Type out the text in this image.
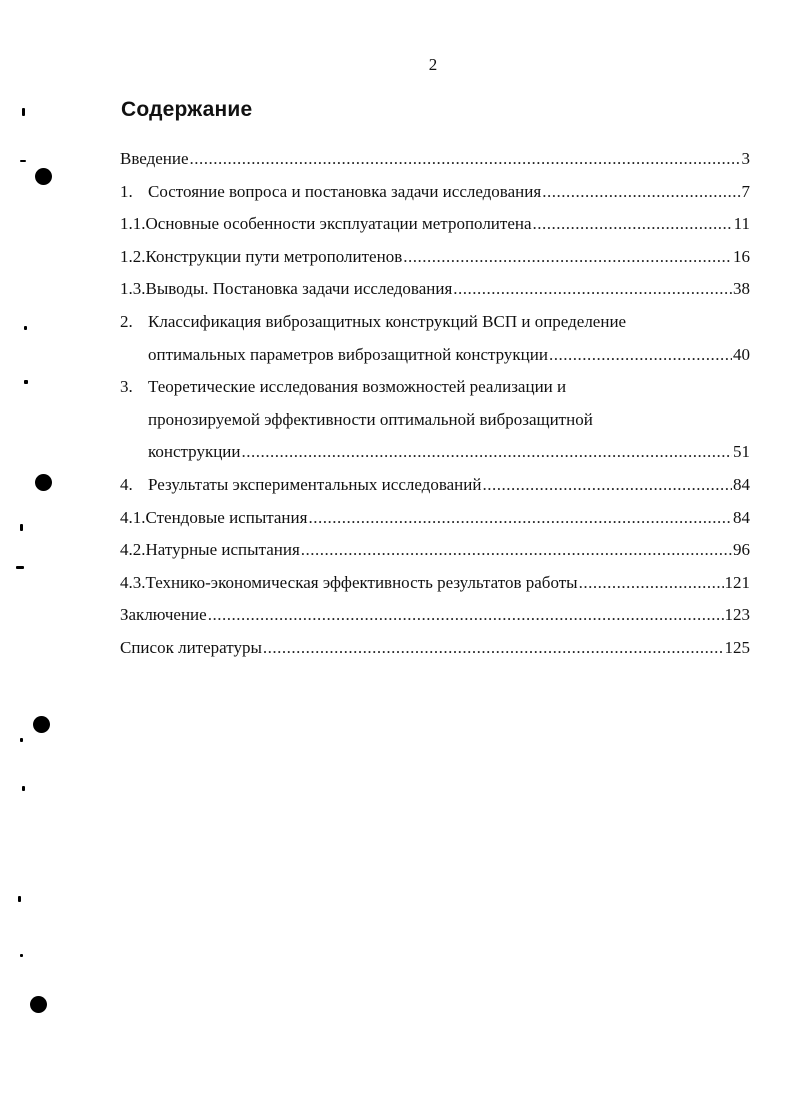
2
Содержание
Введение .....	3
1. Состояние вопроса и постановка задачи исследования .....	7
1.1.Основные особенности эксплуатации метрополитена .....	11
1.2.Конструкции пути метрополитенов .....	16
1.3.Выводы. Постановка задачи исследования .....	38
2. Классификация виброзащитных конструкций ВСП и определение
оптимальных параметров виброзащитной конструкции .....	40
3. Теоретические исследования возможностей реализации и
пронозируемой эффективности оптимальной виброзащитной
конструкции .....	51
4. Результаты экспериментальных исследований .....	84
4.1.Стендовые испытания .....	84
4.2.Натурные испытания .....	96
4.3.Технико-экономическая эффективность результатов работы .....	121
Заключение .....	123
Список литературы .....	125
